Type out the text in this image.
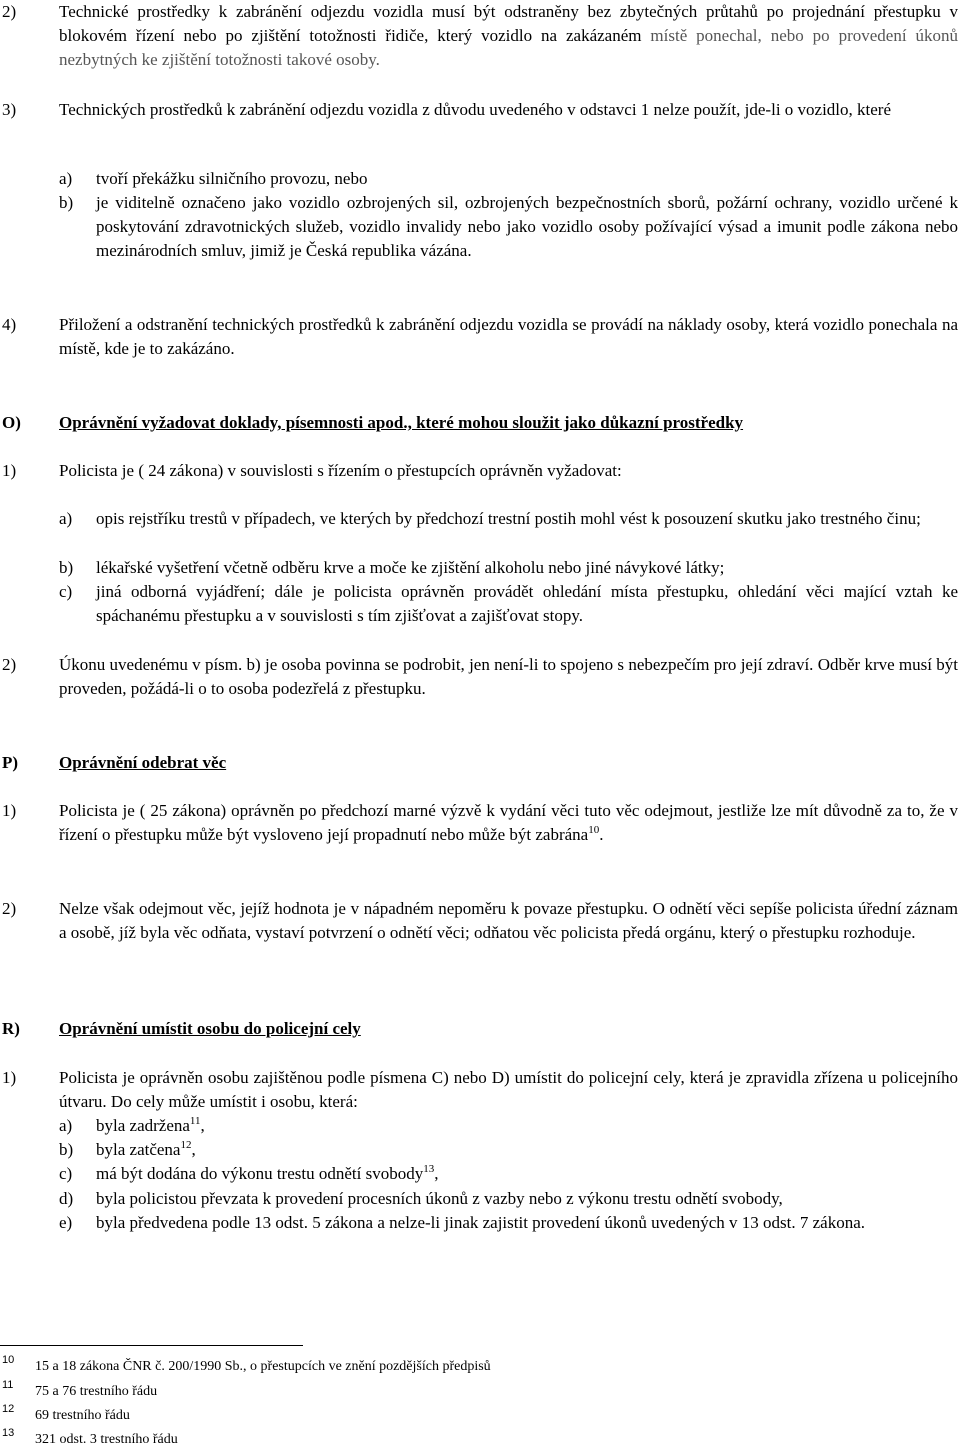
2)	Technické prostředky k zabránění odjezdu vozidla musí být odstraněny bez zbytečných průtahů po projednání přestupku v blokovém řízení nebo po zjištění totožnosti řidiče, který vozidlo na zakázaném místě ponechal, nebo po provedení úkonů nezbytných ke zjištění totožnosti takové osoby.
3)	Technických prostředků k zabránění odjezdu vozidla z důvodu uvedeného v odstavci 1 nelze použít, jde-li o vozidlo, které
a) tvoří překážku silničního provozu, nebo
b) je viditelně označeno jako vozidlo ozbrojených sil, ozbrojených bezpečnostních sborů, požární ochrany, vozidlo určené k poskytování zdravotnických služeb, vozidlo invalidy nebo jako vozidlo osoby požívající výsad a imunit podle zákona nebo mezinárodních smluv, jimiž je Česká republika vázána.
4)	Přiložení a odstranění technických prostředků k zabránění odjezdu vozidla se provádí na náklady osoby, která vozidlo ponechala na místě, kde je to zakázáno.
O) Oprávnění vyžadovat doklady, písemnosti apod., které mohou sloužit jako důkazní prostředky
1)	Policista je ( 24 zákona) v souvislosti s řízením o přestupcích oprávněn vyžadovat:
a) opis rejstříku trestů v případech, ve kterých by předchozí trestní postih mohl vést k posouzení skutku jako trestného činu;
b) lékařské vyšetření včetně odběru krve a moče ke zjištění alkoholu nebo jiné návykové látky;
c) jiná odborná vyjádření; dále je policista oprávněn provádět ohledání místa přestupku, ohledání věci mající vztah ke spáchanému přestupku a v souvislosti s tím zjišťovat a zajišťovat stopy.
2)	Úkonu uvedenému v písm. b) je osoba povinna se podrobit, jen není-li to spojeno s nebezpečím pro její zdraví. Odběr krve musí být proveden, požádá-li o to osoba podezřelá z přestupku.
P) Oprávnění odebrat věc
1)	Policista je ( 25 zákona) oprávněn po předchozí marné výzvě k vydání věci tuto věc odejmout, jestliže lze mít důvodně za to, že v řízení o přestupku může být vysloveno její propadnutí nebo může být zabrána$^{10}$.
2)	Nelze však odejmout věc, jejíž hodnota je v nápadném nepoměru k povaze přestupku. O odnětí věci sepíše policista úřední záznam a osobě, jíž byla věc odňata, vystaví potvrzení o odnětí věci; odňatou věc policista předá orgánu, který o přestupku rozhoduje.
R) Oprávnění umístit osobu do policejní cely
1)	Policista je oprávněn osobu zajištěnou podle písmena C) nebo D) umístit do policejní cely, která je zpravidla zřízena u policejního útvaru. Do cely může umístit i osobu, která:
a) byla zadržena$^{11}$,
b) byla zatčena$^{12}$,
c) má být dodána do výkonu trestu odnětí svobody$^{13}$,
d) byla policistou převzata k provedení procesních úkonů z vazby nebo z výkonu trestu odnětí svobody,
e) byla předvedena podle 13 odst. 5 zákona a nelze-li jinak zajistit provedení úkonů uvedených v 13 odst. 7 zákona.
10 15 a 18 zákona ČNR č. 200/1990 Sb., o přestupcích ve znění pozdějších předpisů
11 75 a 76 trestního řádu
12 69 trestního řádu
13 321 odst. 3 trestního řádu
